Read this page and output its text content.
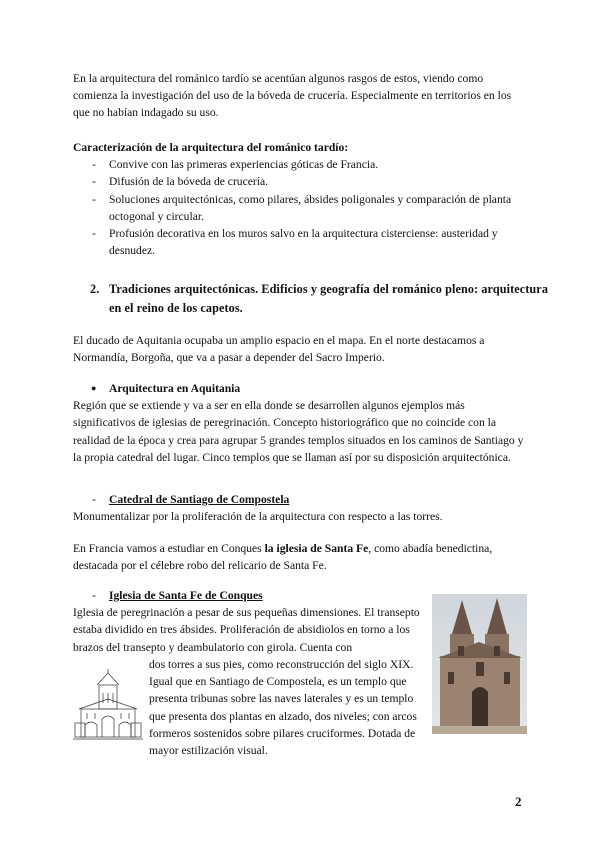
En la arquitectura del románico tardío se acentúan algunos rasgos de estos, viendo como comienza la investigación del uso de la bóveda de crucería. Especialmente en territorios en los que no habían indagado su uso.

Caracterización de la arquitectura del románico tardío:

- Convive con las primeras experiencias góticas de Francia.
- Difusión de la bóveda de crucería.
- Soluciones arquitectónicas, como pilares, ábsides poligonales y comparación de planta octogonal y circular.
- Profusión decorativa en los muros salvo en la arquitectura cisterciense: austeridad y desnudez.
2. Tradiciones arquitectónicas. Edificios y geografía del románico pleno: arquitectura en el reino de los capetos.

El ducado de Aquitania ocupaba un amplio espacio en el mapa. En el norte destacamos a Normandía, Borgoña, que va a pasar a depender del Sacro Imperio.

● Arquitectura en Aquitania

Región que se extiende y va a ser en ella donde se desarrollen algunos ejemplos más significativos de iglesias de peregrinación. Concepto historiográfico que no coincide con la realidad de la época y crea para agrupar 5 grandes templos situados en los caminos de Santiago y la propia catedral del lugar. Cinco templos que se llaman así por su disposición arquitectónica.

- Catedral de Santiago de Compostela

Monumentalizar por la proliferación de la arquitectura con respecto a las torres.

En Francia vamos a estudiar en Conques la iglesia de Santa Fe, como abadía benedictina, destacada por el célebre robo del relicario de Santa Fe.

- Iglesia de Santa Fe de Conques

Iglesia de peregrinación a pesar de sus pequeñas dimensiones. El transepto estaba dividido en tres ábsides. Proliferación de absidiolos en torno a los brazos del transepto y deambulatorio con girola. Cuenta con

dos torres a sus pies, como reconstrucción del siglo XIX. Igual que en Santiago de Compostela, es un templo que presenta tribunas sobre las naves laterales y es un templo que presenta dos plantas en alzado, dos niveles; con arcos formeros sostenidos sobre pilares cruciformes. Dotada de mayor estilización visual.

2
